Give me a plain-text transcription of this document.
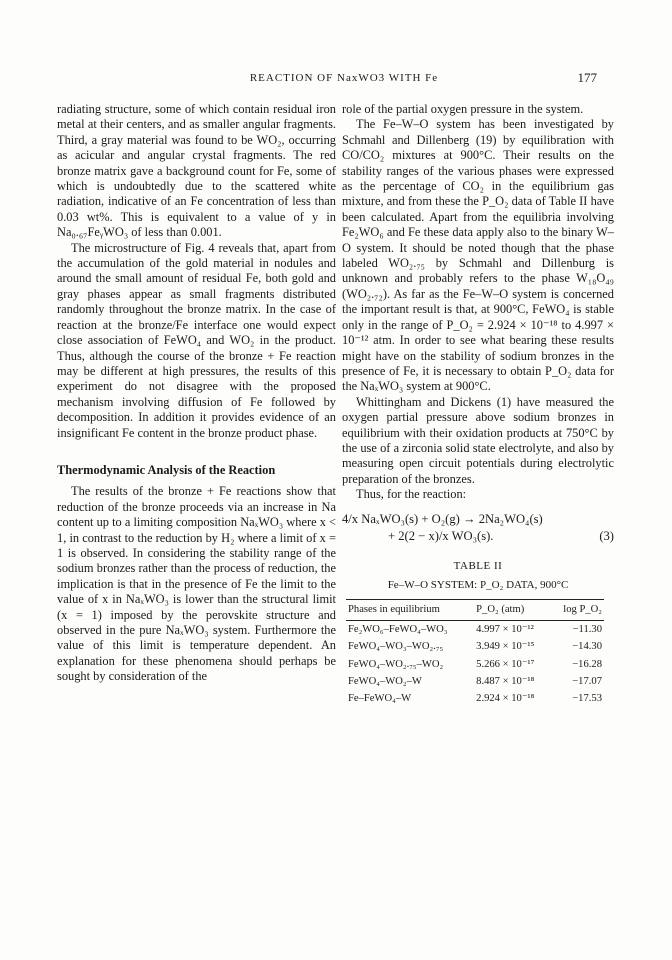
REACTION OF NaxWO3 WITH Fe	177

radiating structure, some of which contain residual iron metal at their centers, and as smaller angular fragments. Third, a gray material was found to be WO₂, occurring as acicular and angular crystal fragments. The red bronze matrix gave a background count for Fe, some of which is undoubtedly due to the scattered white radiation, indicative of an Fe concentration of less than 0.03 wt%. This is equivalent to a value of y in Na₀.₆₇FeᵧWO₃ of less than 0.001.

The microstructure of Fig. 4 reveals that, apart from the accumulation of the gold material in nodules and around the small amount of residual Fe, both gold and gray phases appear as small fragments distributed randomly throughout the bronze matrix. In the case of reaction at the bronze/Fe interface one would expect close association of FeWO₄ and WO₂ in the product. Thus, although the course of the bronze + Fe reaction may be different at high pressures, the results of this experiment do not disagree with the proposed mechanism involving diffusion of Fe followed by decomposition. In addition it provides evidence of an insignificant Fe content in the bronze product phase.

Thermodynamic Analysis of the Reaction

The results of the bronze + Fe reactions show that reduction of the bronze proceeds via an increase in Na content up to a limiting composition NaₓWO₃ where x < 1, in contrast to the reduction by H₂ where a limit of x = 1 is observed. In considering the stability range of the sodium bronzes rather than the process of reduction, the implication is that in the presence of Fe the limit to the value of x in NaₓWO₃ is lower than the structural limit (x = 1) imposed by the perovskite structure and observed in the pure NaₓWO₃ system. Furthermore the value of this limit is temperature dependent. An explanation for these phenomena should perhaps be sought by consideration of the

role of the partial oxygen pressure in the system.

The Fe–W–O system has been investigated by Schmahl and Dillenberg (19) by equilibration with CO/CO₂ mixtures at 900°C. Their results on the stability ranges of the various phases were expressed as the percentage of CO₂ in the equilibrium gas mixture, and from these the P_O₂ data of Table II have been calculated. Apart from the equilibria involving Fe₂WO₆ and Fe these data apply also to the binary W–O system. It should be noted though that the phase labeled WO₂.₇₅ by Schmahl and Dillenburg is unknown and probably refers to the phase W₁₈O₄₉ (WO₂.₇₂). As far as the Fe–W–O system is concerned the important result is that, at 900°C, FeWO₄ is stable only in the range of P_O₂ = 2.924 × 10⁻¹⁸ to 4.997 × 10⁻¹² atm. In order to see what bearing these results might have on the stability of sodium bronzes in the presence of Fe, it is necessary to obtain P_O₂ data for the NaₓWO₃ system at 900°C.

Whittingham and Dickens (1) have measured the oxygen partial pressure above sodium bronzes in equilibrium with their oxidation products at 750°C by the use of a zirconia solid state electrolyte, and also by measuring open circuit potentials during electrolytic preparation of the bronzes.

Thus, for the reaction:

4/x NaₓWO₃(s) + O₂(g) → 2Na₂WO₄(s)
+ 2(2 − x)/x WO₃(s).	(3)
TABLE II
Fe–W–O SYSTEM: P_O₂ DATA, 900°C
Phases in equilibrium	P_O₂ (atm)	log P_O₂
Fe₂WO₆–FeWO₄–WO₃	4.997 × 10⁻¹²	−11.30
FeWO₄–WO₃–WO₂.₇₅	3.949 × 10⁻¹⁵	−14.30
FeWO₄–WO₂.₇₅–WO₂	5.266 × 10⁻¹⁷	−16.28
FeWO₄–WO₂–W	8.487 × 10⁻¹⁸	−17.07
Fe–FeWO₄–W	2.924 × 10⁻¹⁸	−17.53
